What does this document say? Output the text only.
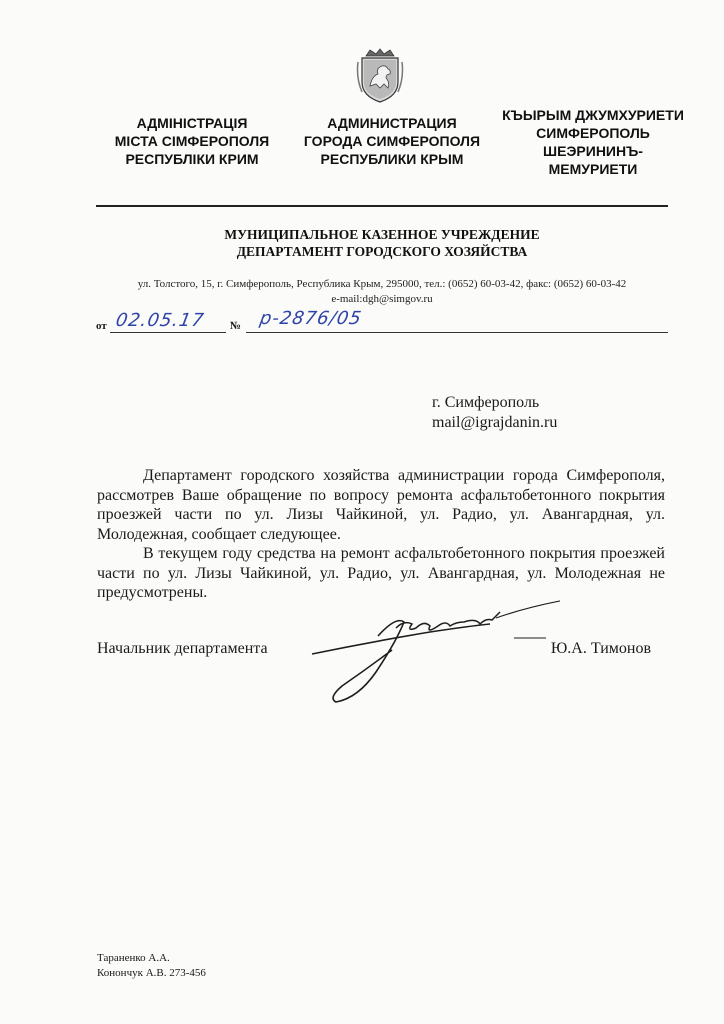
АДМІНІСТРАЦІЯ
МІСТА СІМФЕРОПОЛЯ
РЕСПУБЛІКИ КРИМ
АДМИНИСТРАЦИЯ
ГОРОДА СИМФЕРОПОЛЯ
РЕСПУБЛИКИ КРЫМ
КЪЫРЫМ ДЖУМХУРИЕТИ
СИМФЕРОПОЛЬ
ШЕЭРИНИНЪ-
МЕМУРИЕТИ
МУНИЦИПАЛЬНОЕ КАЗЕННОЕ УЧРЕЖДЕНИЕ
ДЕПАРТАМЕНТ ГОРОДСКОГО ХОЗЯЙСТВА
ул. Толстого, 15, г. Симферополь, Республика Крым, 295000, тел.: (0652) 60-03-42, факс: (0652) 60-03-42
e-mail:dgh@simgov.ru
от 02.05.17 № р-2876/05
г. Симферополь
mail@igrajdanin.ru

Департамент городского хозяйства администрации города Симферополя, рассмотрев Ваше обращение по вопросу ремонта асфальтобетонного покрытия проезжей части по ул. Лизы Чайкиной, ул. Радио, ул. Авангардная, ул. Молодежная, сообщает следующее.

В текущем году средства на ремонт асфальтобетонного покрытия проезжей части по ул. Лизы Чайкиной, ул. Радио, ул. Авангардная, ул. Молодежная не предусмотрены.

Начальник департамента	Ю.А. Тимонов
Тараненко А.А.
Конончук А.В. 273-456
